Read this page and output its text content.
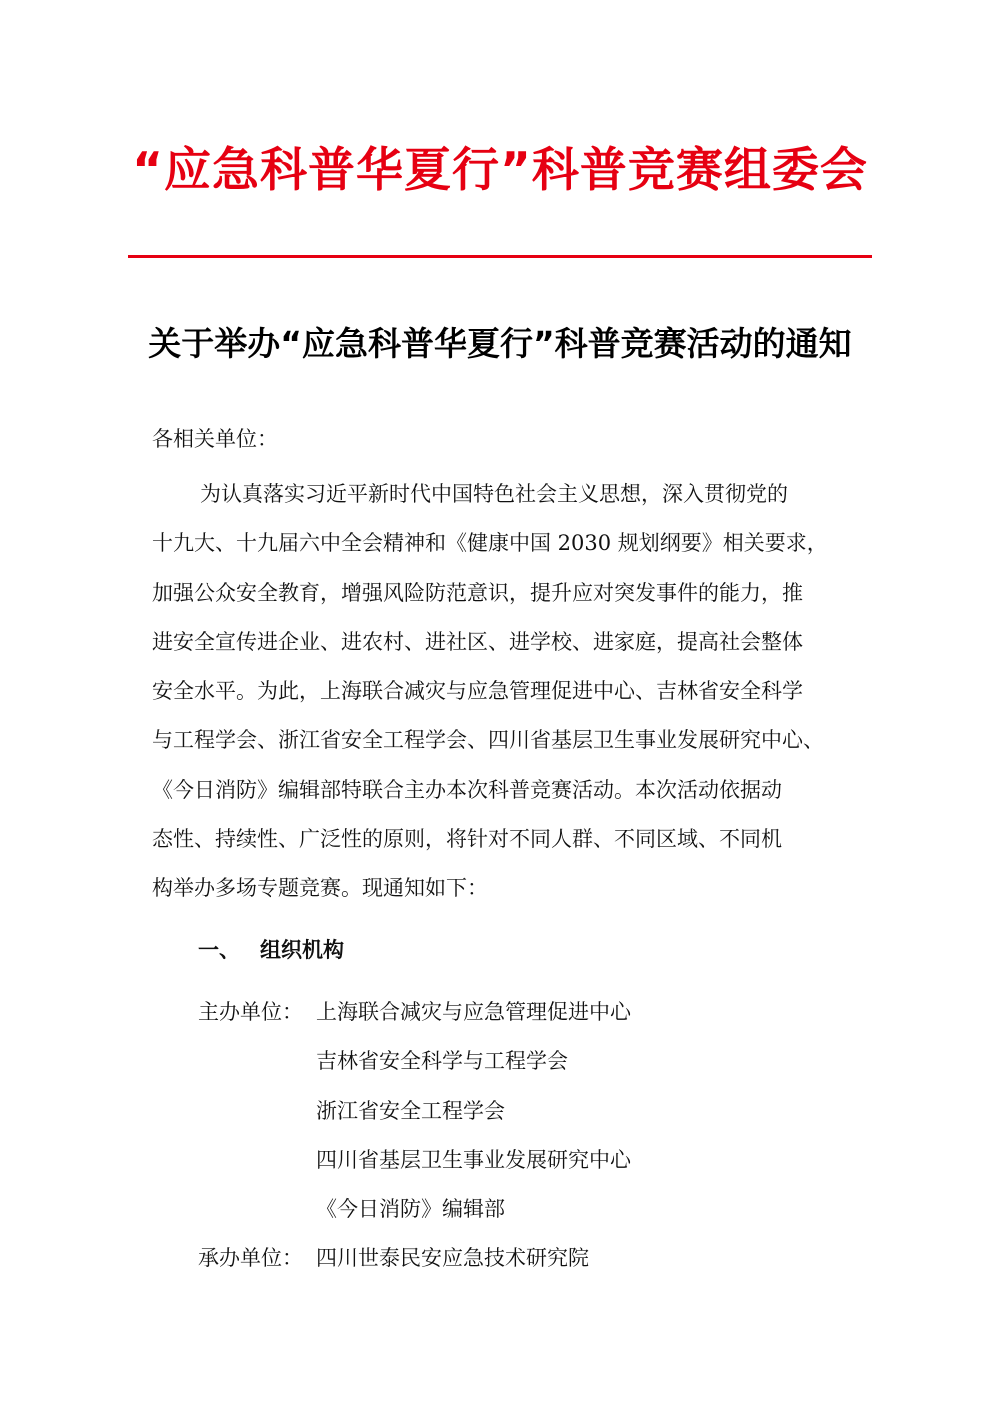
“应急科普华夏行”科普竞赛组委会
关于举办“应急科普华夏行”科普竞赛活动的通知
各相关单位：
为认真落实习近平新时代中国特色社会主义思想，深入贯彻党的
十九大、十九届六中全会精神和《健康中国 2030 规划纲要》相关要求，
加强公众安全教育，增强风险防范意识，提升应对突发事件的能力，推
进安全宣传进企业、进农村、进社区、进学校、进家庭，提高社会整体
安全水平。为此，上海联合减灾与应急管理促进中心、吉林省安全科学
与工程学会、浙江省安全工程学会、四川省基层卫生事业发展研究中心、
《今日消防》编辑部特联合主办本次科普竞赛活动。本次活动依据动
态性、持续性、广泛性的原则，将针对不同人群、不同区域、不同机
构举办多场专题竞赛。现通知如下：
一、 组织机构
主办单位： 上海联合减灾与应急管理促进中心
吉林省安全科学与工程学会
浙江省安全工程学会
四川省基层卫生事业发展研究中心
《今日消防》编辑部
承办单位： 四川世泰民安应急技术研究院
